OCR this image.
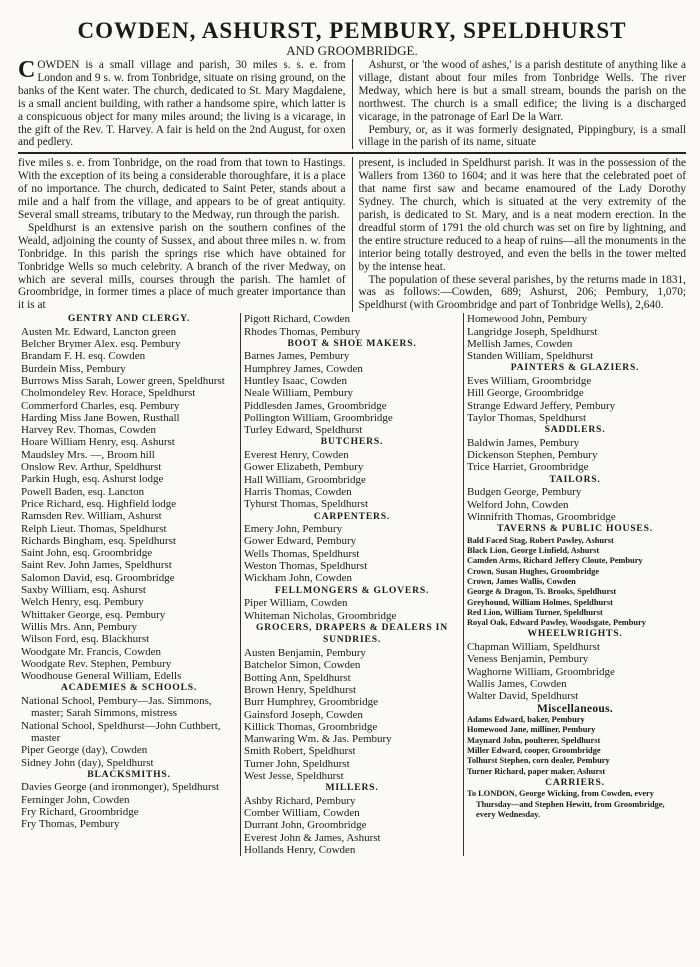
COWDEN, ASHURST, PEMBURY, SPELDHURST
AND GROOMBRIDGE.

COWDEN is a small village and parish, 30 miles s. s. e. from London and 9 s. w. from Tonbridge, situate on rising ground, on the banks of the Kent water. The church, dedicated to St. Mary Magdalene, is a small ancient building, with rather a handsome spire, which latter is a conspicuous object for many miles around; the living is a vicarage, in the gift of the Rev. T. Harvey. A fair is held on the 2nd August, for oxen and pedlery.

Ashurst, or 'the wood of ashes,' is a parish destitute of anything like a village, distant about four miles from Tonbridge Wells. The river Medway, which here is but a small stream, bounds the parish on the northwest. The church is a small edifice; the living is a discharged vicarage, in the patronage of Earl De la Warr.

Pembury, or, as it was formerly designated, Pippingbury, is a small village in the parish of its name, situate

five miles s. e. from Tonbridge, on the road from that town to Hastings. With the exception of its being a considerable thoroughfare, it is a place of no importance. The church, dedicated to Saint Peter, stands about a mile and a half from the village, and appears to be of great antiquity. Several small streams, tributary to the Medway, run through the parish.

Speldhurst is an extensive parish on the southern confines of the Weald, adjoining the county of Sussex, and about three miles n. w. from Tonbridge. In this parish the springs rise which have obtained for Tonbridge Wells so much celebrity. A branch of the river Medway, on which are several mills, courses through the parish. The hamlet of Groombridge, in former times a place of much greater importance than it is at

present, is included in Speldhurst parish. It was in the possession of the Wallers from 1360 to 1604; and it was here that the celebrated poet of that name first saw and became enamoured of the Lady Dorothy Sydney. The church, which is situated at the very extremity of the parish, is dedicated to St. Mary, and is a neat modern erection. In the dreadful storm of 1791 the old church was set on fire by lightning, and the entire structure reduced to a heap of ruins—all the monuments in the interior being totally destroyed, and even the bells in the tower melted by the intense heat.

The population of these several parishes, by the returns made in 1831, was as follows:—Cowden, 689; Ashurst, 206; Pembury, 1,070; Speldhurst (with Groombridge and part of Tonbridge Wells), 2,640.

GENTRY AND CLERGY.
Austen Mr. Edward, Lancton green
Belcher Brymer Alex. esq. Pembury
Brandam F. H. esq. Cowden
Burdein Miss, Pembury
Burrows Miss Sarah, Lower green, Speldhurst
Cholmondeley Rev. Horace, Speldhurst
Commerford Charles, esq. Pembury
Harding Miss Jane Bowen, Rusthall
Harvey Rev. Thomas, Cowden
Hoare William Henry, esq. Ashurst
Maudsley Mrs. —, Broom hill
Onslow Rev. Arthur, Speldhurst
Parkin Hugh, esq. Ashurst lodge
Powell Baden, esq. Lancton
Price Richard, esq. Highfield lodge
Ramsden Rev. William, Ashurst
Relph Lieut. Thomas, Speldhurst
Richards Bingham, esq. Speldhurst
Saint John, esq. Groombridge
Saint Rev. John James, Speldhurst
Salomon David, esq. Groombridge
Saxby William, esq. Ashurst
Welch Henry, esq. Pembury
Whittaker George, esq. Pembury
Willis Mrs. Ann, Pembury
Wilson Ford, esq. Blackhurst
Woodgate Mr. Francis, Cowden
Woodgate Rev. Stephen, Pembury
Woodhouse General William, Edells
ACADEMIES & SCHOOLS.
National School, Pembury—Jas. Simmons, master; Sarah Simmons, mistress
National School, Speldhurst—John Cuthbert, master
Piper George (day), Cowden
Sidney John (day), Speldhurst
BLACKSMITHS.
Davies George (and ironmonger), Speldhurst
Ferninger John, Cowden
Fry Richard, Groombridge
Fry Thomas, Pembury
Pigott Richard, Cowden
Rhodes Thomas, Pembury
BOOT & SHOE MAKERS.
Barnes James, Pembury
Humphrey James, Cowden
Huntley Isaac, Cowden
Neale William, Pembury
Piddlesden James, Groombridge
Pollington William, Groombridge
Turley Edward, Speldhurst
BUTCHERS.
Everest Henry, Cowden
Gower Elizabeth, Pembury
Hall William, Groombridge
Harris Thomas, Cowden
Tyhurst Thomas, Speldhurst
CARPENTERS.
Emery John, Pembury
Gower Edward, Pembury
Wells Thomas, Speldhurst
Weston Thomas, Speldhurst
Wickham John, Cowden
FELLMONGERS & GLOVERS.
Piper William, Cowden
Whiteman Nicholas, Groombridge
GROCERS, DRAPERS & DEALERS IN SUNDRIES.
Austen Benjamin, Pembury
Batchelor Simon, Cowden
Botting Ann, Speldhurst
Brown Henry, Speldhurst
Burr Humphrey, Groombridge
Gainsford Joseph, Cowden
Killick Thomas, Groombridge
Manwaring Wm. & Jas. Pembury
Smith Robert, Speldhurst
Turner John, Speldhurst
West Jesse, Speldhurst
MILLERS.
Ashby Richard, Pembury
Comber William, Cowden
Durrant John, Groombridge
Everest John & James, Ashurst
Hollands Henry, Cowden
Homewood John, Pembury
Langridge Joseph, Speldhurst
Mellish James, Cowden
Standen William, Speldhurst
PAINTERS & GLAZIERS.
Eves William, Groombridge
Hill George, Groombridge
Strange Edward Jeffery, Pembury
Taylor Thomas, Speldhurst
SADDLERS.
Baldwin James, Pembury
Dickenson Stephen, Pembury
Trice Harriet, Groombridge
TAILORS.
Budgen George, Pembury
Welford John, Cowden
Winnifrith Thomas, Groombridge
TAVERNS & PUBLIC HOUSES.
Bald Faced Stag, Robert Pawley, Ashurst
Black Lion, George Linfield, Ashurst
Camden Arms, Richard Jeffery Cloute, Pembury
Crown, Susan Hughes, Groombridge
Crown, James Wallis, Cowden
George & Dragon, Ts. Brooks, Speldhurst
Greyhound, William Holmes, Speldhurst
Red Lion, William Turner, Speldhurst
Royal Oak, Edward Pawley, Woodsgate, Pembury
WHEELWRIGHTS.
Chapman William, Speldhurst
Veness Benjamin, Pembury
Waghorne William, Groombridge
Wallis James, Cowden
Walter David, Speldhurst
Miscellaneous.
Adams Edward, baker, Pembury
Homewood Jane, milliner, Pembury
Maynard John, poulterer, Speldhurst
Miller Edward, cooper, Groombridge
Tolhurst Stephen, corn dealer, Pembury
Turner Richard, paper maker, Ashurst
CARRIERS.
To LONDON, George Wicking, from Cowden, every Thursday—and Stephen Hewitt, from Groombridge, every Wednesday.
